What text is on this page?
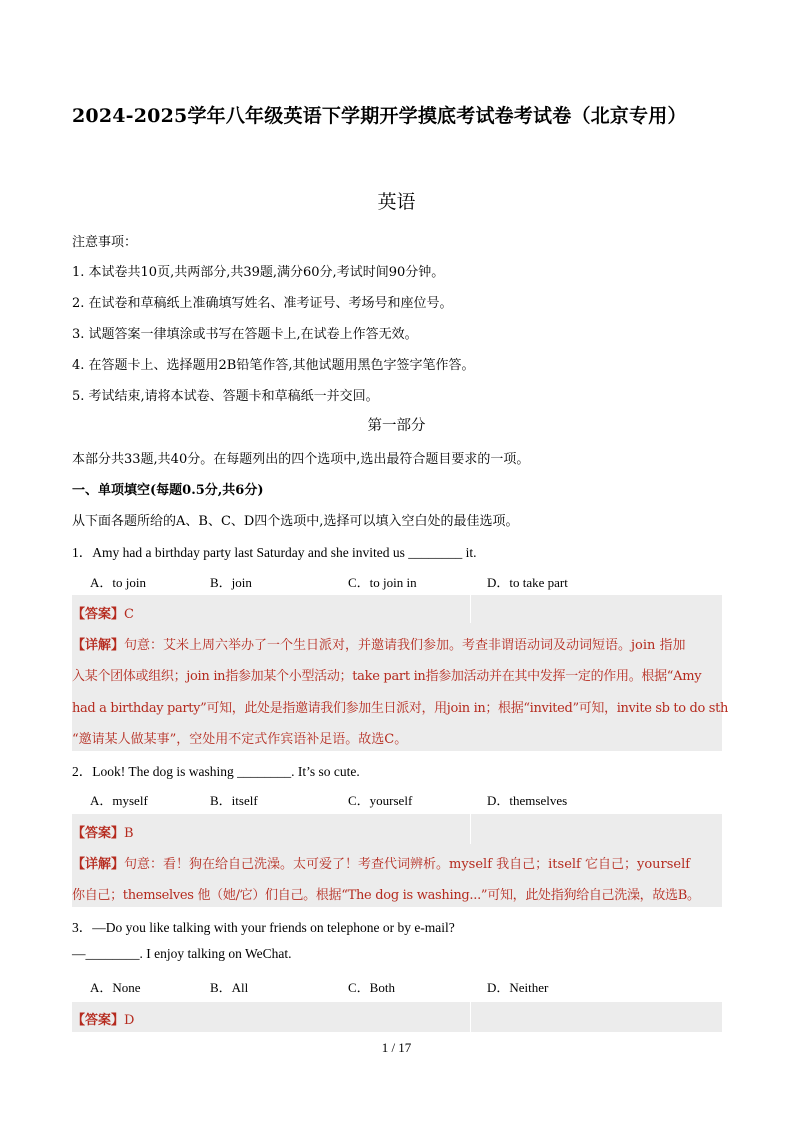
2024-2025学年八年级英语下学期开学摸底考试卷考试卷（北京专用）
英语
注意事项：
1. 本试卷共10页,共两部分,共39题,满分60分,考试时间90分钟。
2. 在试卷和草稿纸上准确填写姓名、准考证号、考场号和座位号。
3. 试题答案一律填涂或书写在答题卡上,在试卷上作答无效。
4. 在答题卡上、选择题用2B铅笔作答,其他试题用黑色字签字笔作答。
5. 考试结束,请将本试卷、答题卡和草稿纸一并交回。
第一部分
本部分共33题,共40分。在每题列出的四个选项中,选出最符合题目要求的一项。
一、单项填空(每题0.5分,共6分)
从下面各题所给的A、B、C、D四个选项中,选择可以填入空白处的最佳选项。
1．Amy had a birthday party last Saturday and she invited us ________ it.
A．to join	B．join	C．to join in	D．to take part
【答案】C
【详解】句意：艾米上周六举办了一个生日派对，并邀请我们参加。考查非谓语动词及动词短语。join 指加
入某个团体或组织；join in指参加某个小型活动；take part in指参加活动并在其中发挥一定的作用。根据“Amy
had a birthday party”可知，此处是指邀请我们参加生日派对，用join in；根据“invited”可知，invite sb to do sth
“邀请某人做某事”，空处用不定式作宾语补足语。故选C。
2．Look! The dog is washing ________. It’s so cute.
A．myself	B．itself	C．yourself	D．themselves
【答案】B
【详解】句意：看！狗在给自己洗澡。太可爱了！考查代词辨析。myself 我自己；itself 它自己；yourself
你自己；themselves 他（她/它）们自己。根据“The dog is washing...”可知，此处指狗给自己洗澡，故选B。
3．—Do you like talking with your friends on telephone or by e-mail?
—________. I enjoy talking on WeChat.
A．None	B．All	C．Both	D．Neither
【答案】D
1 / 17
